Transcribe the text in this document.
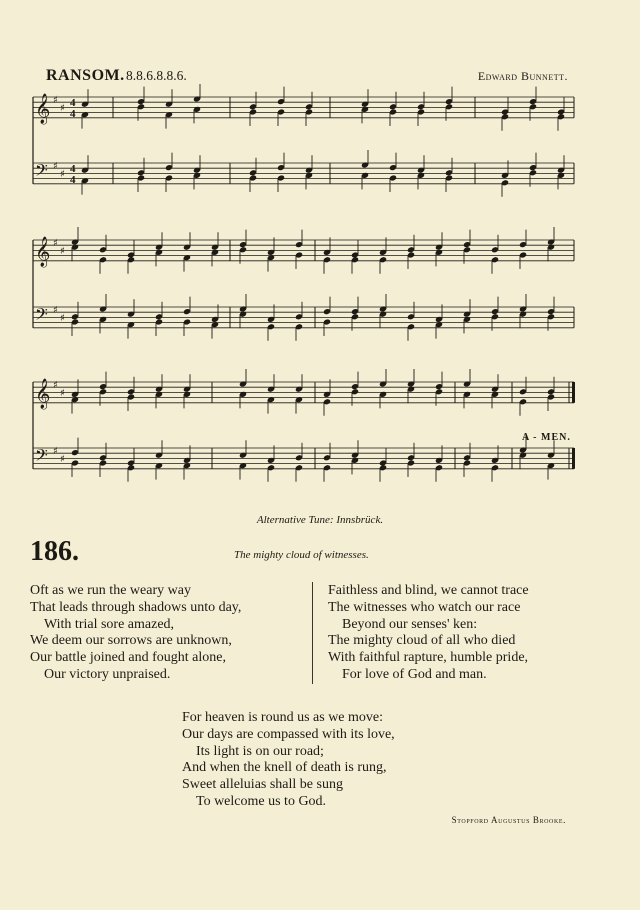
RANSOM. 8.8.6.8.8.6.	Edward Bunnett.
𝄞 ♯
♯ 4
4
𝄢 ♯
♯ 4
4
𝄞 ♯
♯
𝄢 ♯
♯
𝄞 ♯
♯
𝄢 ♯
♯
A - MEN.
Alternative Tune: Innsbrück.
186.	The mighty cloud of witnesses.
Oft as we run the weary way
That leads through shadows unto day,
With trial sore amazed,
We deem our sorrows are unknown,
Our battle joined and fought alone,
Our victory unpraised.
Faithless and blind, we cannot trace
The witnesses who watch our race
Beyond our senses' ken:
The mighty cloud of all who died
With faithful rapture, humble pride,
For love of God and man.
For heaven is round us as we move:
Our days are compassed with its love,
Its light is on our road;
And when the knell of death is rung,
Sweet alleluias shall be sung
To welcome us to God.
Stopford Augustus Brooke.
